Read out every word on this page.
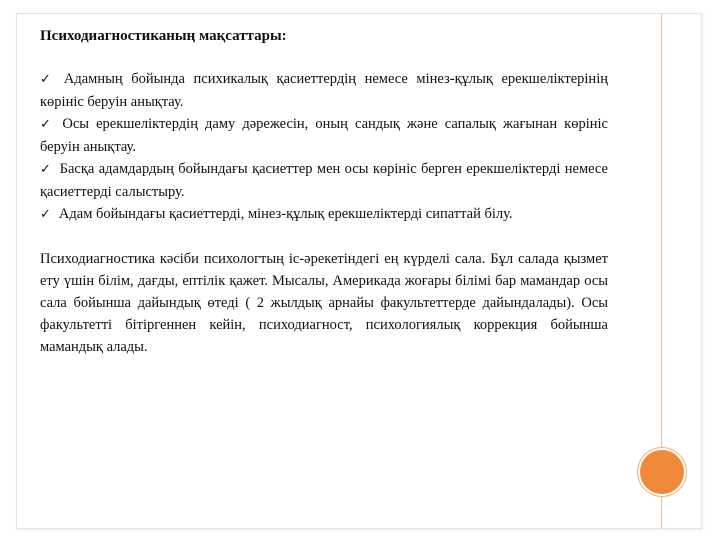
Психодиагностиканың мақсаттары:
✓ Адамның бойында психикалық қасиеттердің немесе мінез-құлық ерекшеліктерінің көрініс беруін анықтау.
✓ Осы ерекшеліктердің даму дәрежесін, оның сандық және сапалық жағынан көрініс беруін анықтау.
✓ Басқа адамдардың бойындағы қасиеттер мен осы көрініс берген ерекшеліктерді немесе қасиеттерді салыстыру.
✓ Адам бойындағы қасиеттерді, мінез-құлық ерекшеліктерді сипаттай білу.
Психодиагностика кәсіби психологтың іс-әрекетіндегі ең күрделі сала. Бұл салада қызмет ету үшін білім, дағды, ептілік қажет. Мысалы, Америкада жоғары білімі бар мамандар осы сала бойынша дайындық өтеді ( 2 жылдық арнайы факультеттерде дайындалады). Осы факультетті бітіргеннен кейін, психодиагност, психологиялық коррекция бойынша мамандық алады.
